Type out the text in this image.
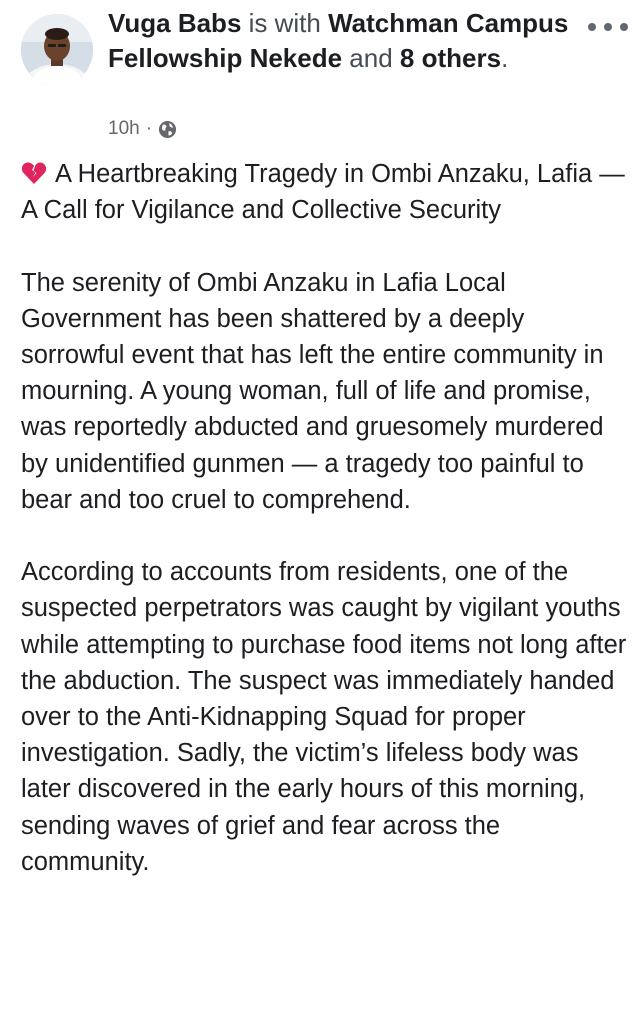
Vuga Babs is with Watchman Campus Fellowship Nekede and 8 others.
10h ·

A Heartbreaking Tragedy in Ombi Anzaku, Lafia — A Call for Vigilance and Collective Security

The serenity of Ombi Anzaku in Lafia Local Government has been shattered by a deeply sorrowful event that has left the entire community in mourning. A young woman, full of life and promise, was reportedly abducted and gruesomely murdered by unidentified gunmen — a tragedy too painful to bear and too cruel to comprehend.

According to accounts from residents, one of the suspected perpetrators was caught by vigilant youths while attempting to purchase food items not long after the abduction. The suspect was immediately handed over to the Anti-Kidnapping Squad for proper investigation. Sadly, the victim’s lifeless body was later discovered in the early hours of this morning, sending waves of grief and fear across the community.
